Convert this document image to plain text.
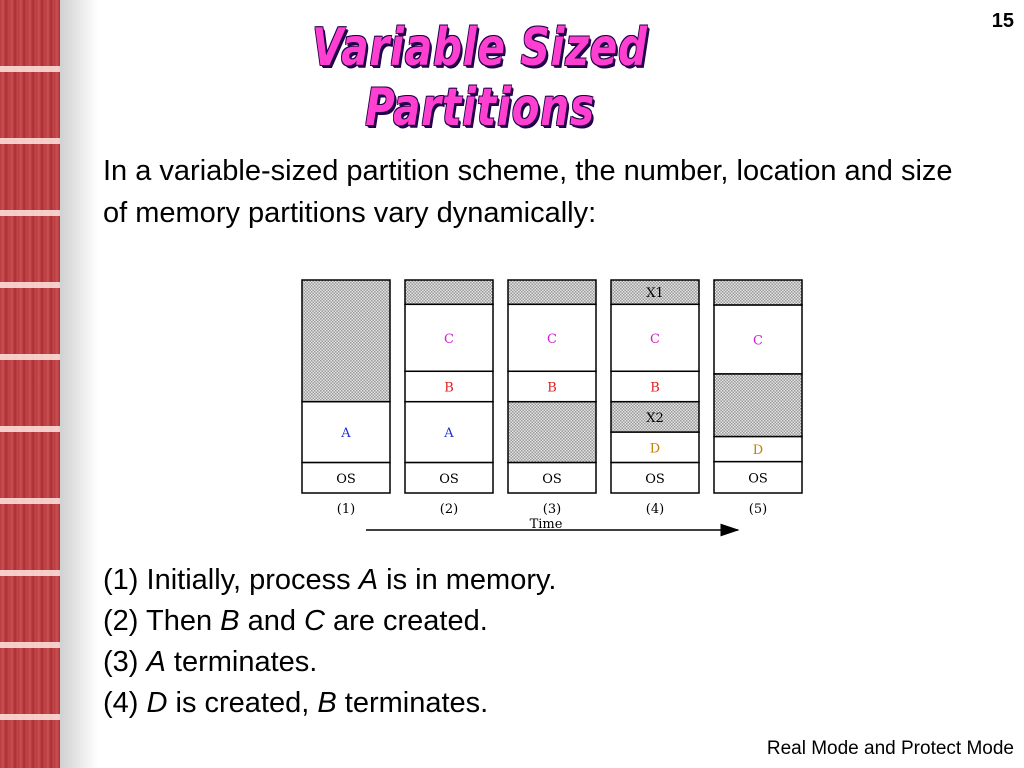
15
Variable Sized Partitions
In a variable-sized partition scheme, the number, location and size of memory partitions vary dynamically:
A
OS
(1)
C
B
A
OS
(2)
C
B
OS
(3)
X1
C
B
X2
D
OS
(4)
C
D
OS
(5)
Time
(1) Initially, process A is in memory.
(2) Then B and C are created.
(3) A terminates.
(4) D is created, B terminates.
Real Mode and Protect Mode
